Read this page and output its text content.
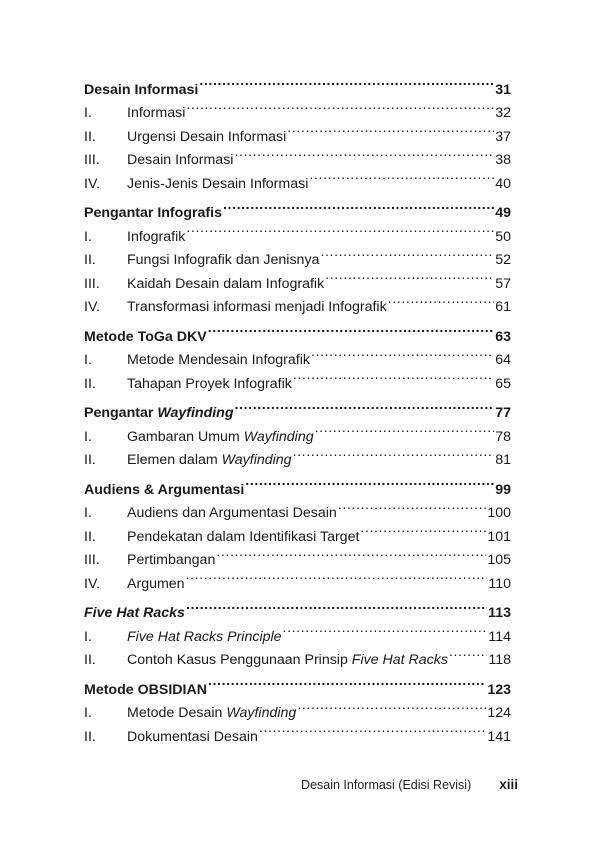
Desain Informasi .....	31
I.	Informasi .....	32
II.	Urgensi Desain Informasi .....	37
III.	Desain Informasi .....	38
IV.	Jenis-Jenis Desain Informasi .....	40
Pengantar Infografis .....	49
I.	Infografik .....	50
II.	Fungsi Infografik dan Jenisnya .....	52
III.	Kaidah Desain dalam Infografik .....	57
IV.	Transformasi informasi menjadi Infografik .....	61
Metode ToGa DKV .....	63
I.	Metode Mendesain Infografik .....	64
II.	Tahapan Proyek Infografik .....	65
Pengantar Wayfinding .....	77
I.	Gambaran Umum Wayfinding .....	78
II.	Elemen dalam Wayfinding .....	81
Audiens & Argumentasi .....	99
I.	Audiens dan Argumentasi Desain .....	100
II.	Pendekatan dalam Identifikasi Target .....	101
III.	Pertimbangan .....	105
IV.	Argumen .....	110
Five Hat Racks .....	113
I.	Five Hat Racks Principle .....	114
II.	Contoh Kasus Penggunaan Prinsip Five Hat Racks .....	118
Metode OBSIDIAN .....	123
I.	Metode Desain Wayfinding .....	124
II.	Dokumentasi Desain .....	141
Desain Informasi (Edisi Revisi) xiii
